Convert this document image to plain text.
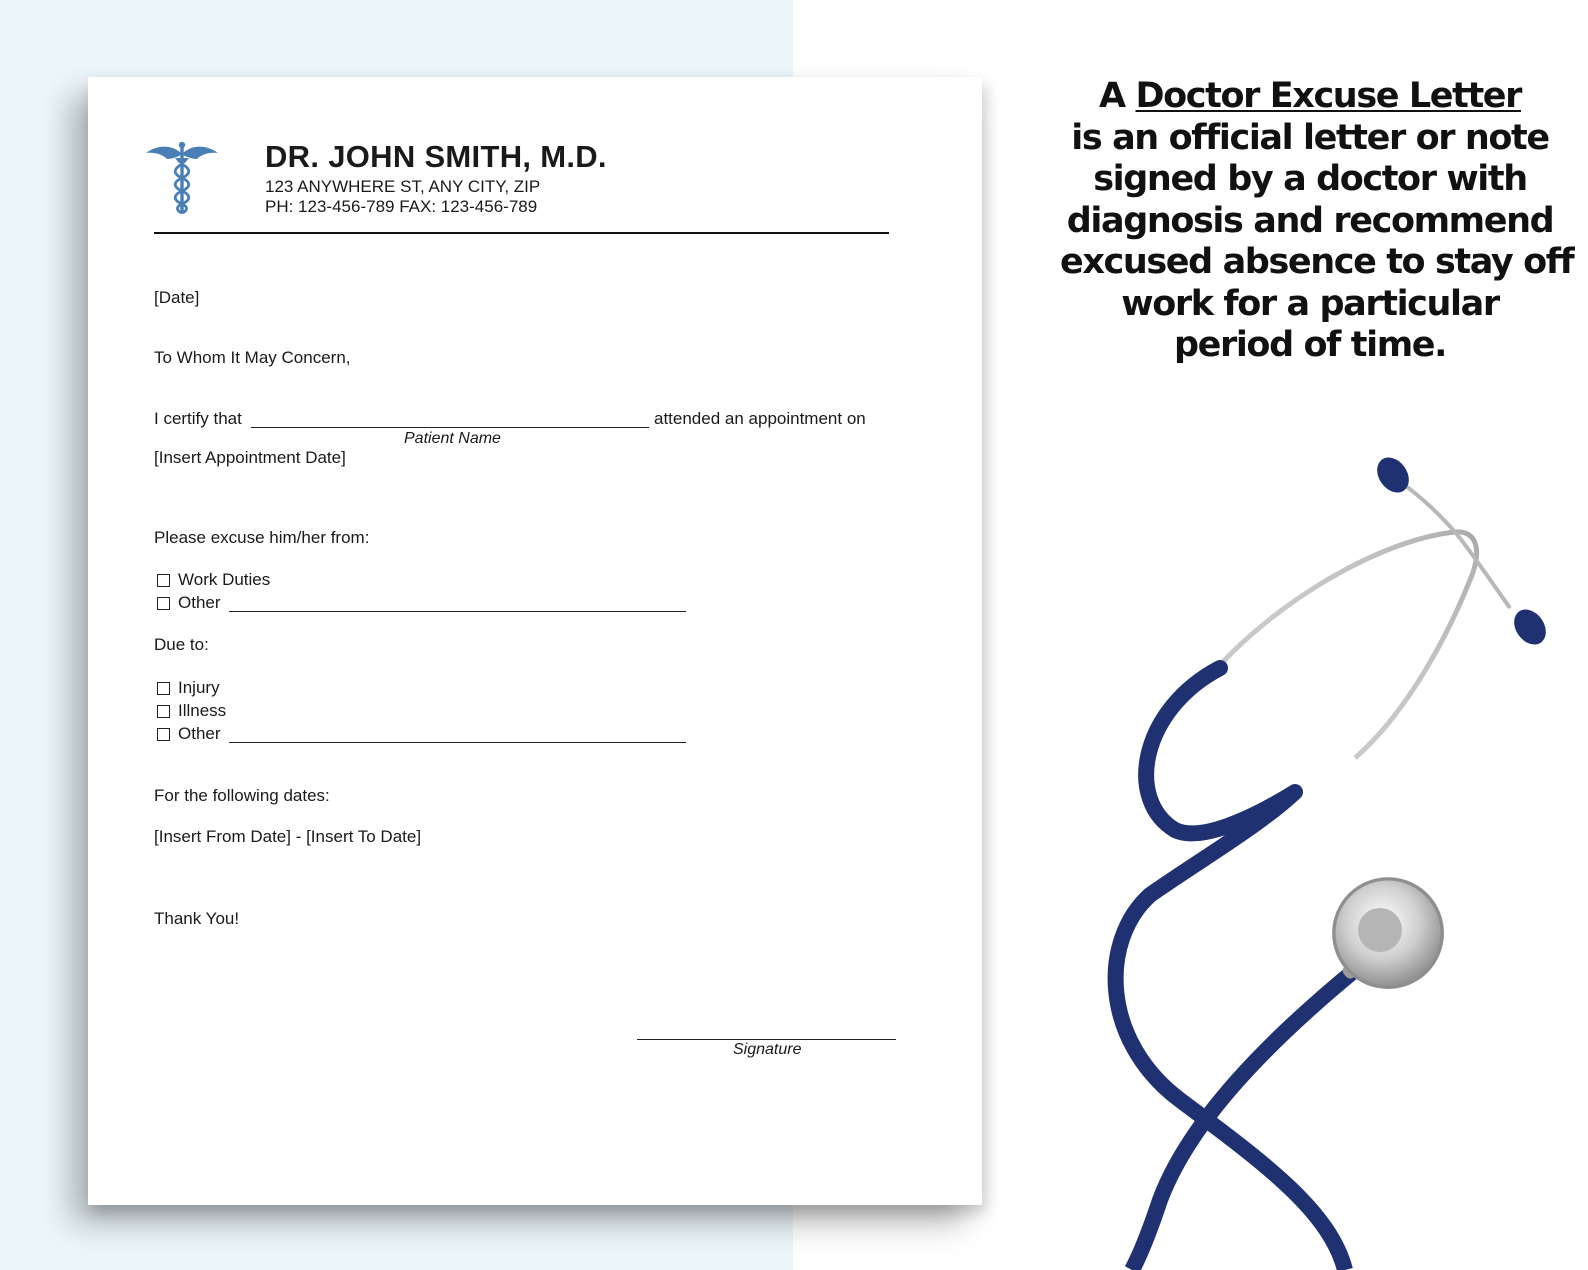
DR. JOHN SMITH, M.D.
123 ANYWHERE ST, ANY CITY, ZIP
PH: 123-456-789 FAX: 123-456-789
[Date]
To Whom It May Concern,
I certify that	attended an appointment on
Patient Name
[Insert Appointment Date]
Please excuse him/her from:
Work Duties
Other
Due to:
Injury
Illness
Other
For the following dates:
[Insert From Date] - [Insert To Date]
Thank You!
Signature
A Doctor Excuse Letter
is an official letter or note
signed by a doctor with
diagnosis and recommend
excused absence to stay off
work for a particular
period of time.
